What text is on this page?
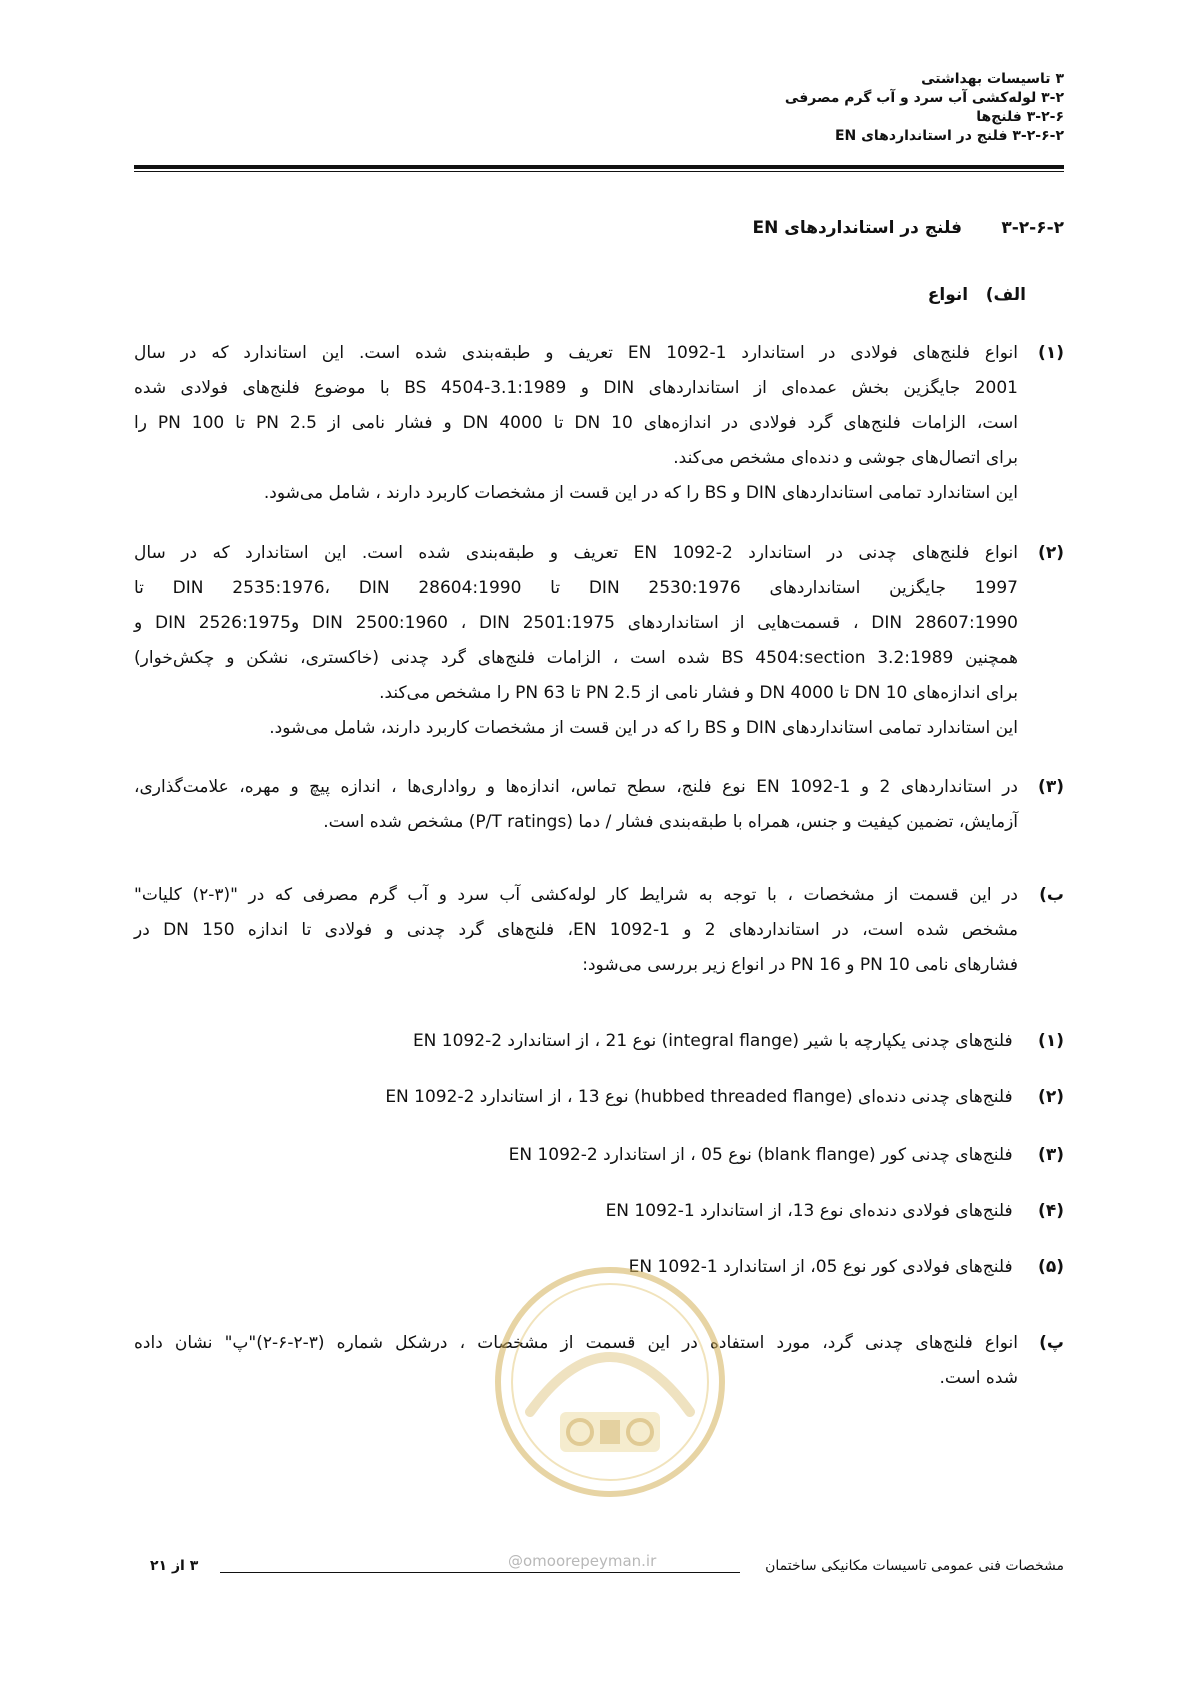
۳ تاسیسات بهداشتی
۳-۲ لوله‌کشی آب سرد و آب گرم مصرفی
۳-۲-۶ فلنج‌ها
۳-۲-۶-۲ فلنج در استانداردهای EN
۳-۲-۶-۲ فلنج در استانداردهای EN
الف) انواع
(۱)
انواع فلنج‌های فولادی در استاندارد EN 1092-1 تعریف و طبقه‌بندی شده است. این استاندارد که در سال
2001 جایگزین بخش عمده‌ای از استانداردهای DIN و BS 4504-3.1:1989 با موضوع فلنج‌های فولادی شده
است، الزامات فلنج‌های گرد فولادی در اندازه‌های DN 10 تا DN 4000 و فشار نامی از PN 2.5 تا PN 100 را
برای اتصال‌های جوشی و دنده‌ای مشخص می‌کند.
این استاندارد تمامی استانداردهای DIN و BS را که در این قست از مشخصات کاربرد دارند ، شامل می‌شود.
(۲)
انواع فلنج‌های چدنی در استاندارد EN 1092-2 تعریف و طبقه‌بندی شده است. این استاندارد که در سال
1997 جایگزین استانداردهای DIN 2530:1976 تا DIN 2535:1976، DIN 28604:1990 تا
DIN 28607:1990 ، قسمت‌هایی از استانداردهای DIN 2500:1960 ، DIN 2501:1975 وDIN 2526:1975 و
همچنین BS 4504:section 3.2:1989 شده است ، الزامات فلنج‌های گرد چدنی (خاکستری، نشکن و چکش‌خوار)
برای اندازه‌های DN 10 تا DN 4000 و فشار نامی از PN 2.5 تا PN 63 را مشخص می‌کند.
این استاندارد تمامی استانداردهای DIN و BS را که در این قست از مشخصات کاربرد دارند، شامل می‌شود.
(۳)
در استانداردهای 2 و EN 1092-1 نوع فلنج، سطح تماس، اندازه‌ها و رواداری‌ها ، اندازه پیچ و مهره، علامت‌گذاری،
آزمایش، تضمین کیفیت و جنس، همراه با طبقه‌بندی فشار / دما (P/T ratings) مشخص شده است.
ب)
در این قسمت از مشخصات ، با توجه به شرایط کار لوله‌کشی آب سرد و آب گرم مصرفی که در "(۳-۲) کلیات"
مشخص شده است، در استانداردهای 2 و EN 1092-1، فلنج‌های گرد چدنی و فولادی تا اندازه DN 150 در
فشارهای نامی PN 10 و PN 16 در انواع زیر بررسی می‌شود:
(۱) فلنج‌های چدنی یکپارچه با شیر (integral flange) نوع 21 ، از استاندارد EN 1092-2
(۲) فلنج‌های چدنی دنده‌ای (hubbed threaded flange) نوع 13 ، از استاندارد EN 1092-2
(۳) فلنج‌های چدنی کور (blank flange) نوع 05 ، از استاندارد EN 1092-2
(۴) فلنج‌های فولادی دنده‌ای نوع 13، از استاندارد EN 1092-1
(۵) فلنج‌های فولادی کور نوع 05، از استاندارد EN 1092-1
پ)
انواع فلنج‌های چدنی گرد، مورد استفاده در این قسمت از مشخصات ، درشکل شماره (۳-۲-۶-۲)"پ" نشان داده
شده است.
@omoorepeyman.ir	مشخصات فنی عمومی تاسیسات مکانیکی ساختمان
۳ از ۲۱
